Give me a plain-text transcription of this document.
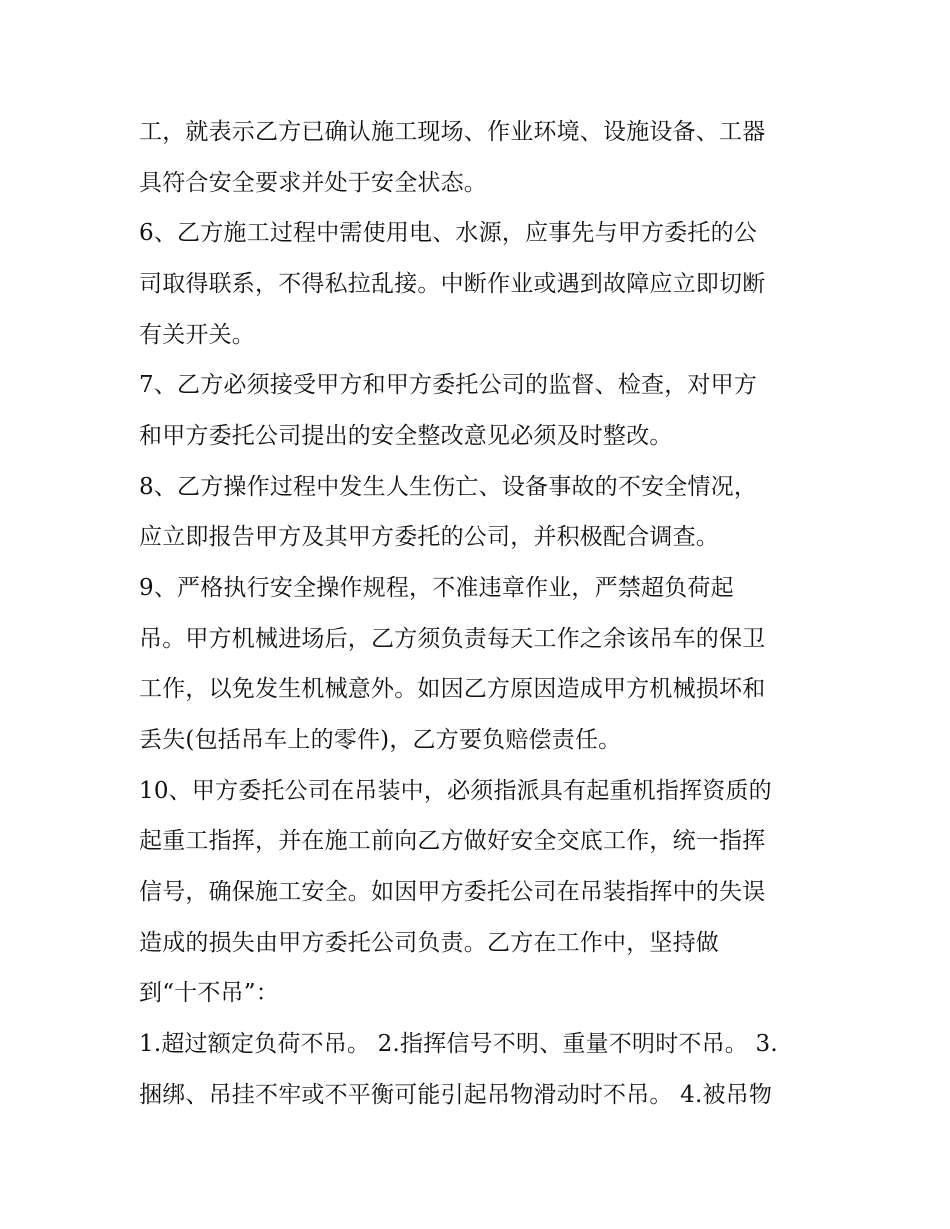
工，就表示乙方已确认施工现场、作业环境、设施设备、工器
具符合安全要求并处于安全状态。
6、乙方施工过程中需使用电、水源，应事先与甲方委托的公
司取得联系，不得私拉乱接。中断作业或遇到故障应立即切断
有关开关。
7、乙方必须接受甲方和甲方委托公司的监督、检查，对甲方
和甲方委托公司提出的安全整改意见必须及时整改。
8、乙方操作过程中发生人生伤亡、设备事故的不安全情况，
应立即报告甲方及其甲方委托的公司，并积极配合调查。
9、严格执行安全操作规程，不准违章作业，严禁超负荷起
吊。甲方机械进场后，乙方须负责每天工作之余该吊车的保卫
工作，以免发生机械意外。如因乙方原因造成甲方机械损坏和
丢失(包括吊车上的零件)，乙方要负赔偿责任。
10、甲方委托公司在吊装中，必须指派具有起重机指挥资质的
起重工指挥，并在施工前向乙方做好安全交底工作，统一指挥
信号，确保施工安全。如因甲方委托公司在吊装指挥中的失误
造成的损失由甲方委托公司负责。乙方在工作中，坚持做
到“十不吊”：
1.超过额定负荷不吊。 2.指挥信号不明、重量不明时不吊。 3.
捆绑、吊挂不牢或不平衡可能引起吊物滑动时不吊。 4.被吊物
